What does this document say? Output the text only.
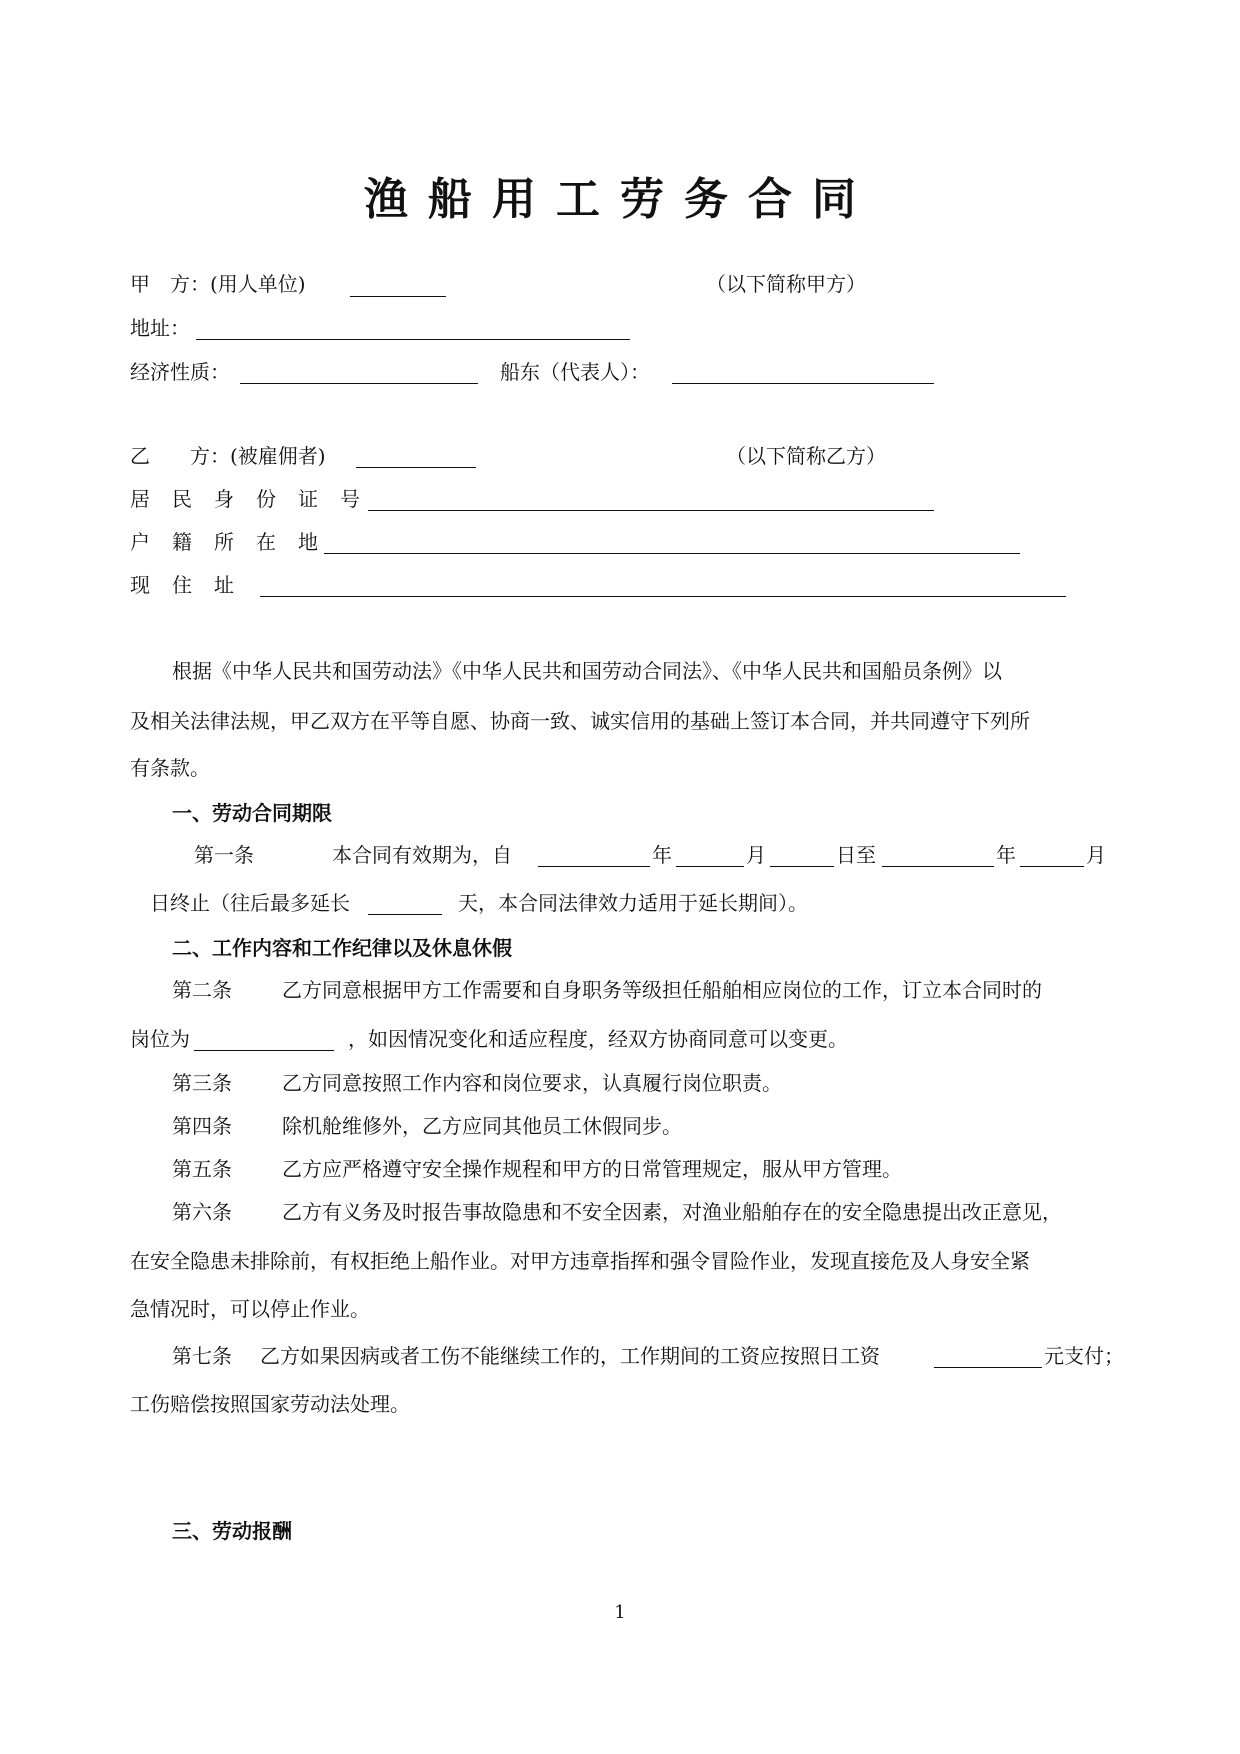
渔船用工劳务合同
甲　方：(用人单位)	（以下简称甲方）
地址：
经济性质：	船东（代表人）：
乙　　方：(被雇佣者)	（以下简称乙方）
居民身份证号
户籍所在地
现住址
根据《中华人民共和国劳动法》《中华人民共和国劳动合同法》、《中华人民共和国船员条例》以
及相关法律法规，甲乙双方在平等自愿、协商一致、诚实信用的基础上签订本合同，并共同遵守下列所
有条款。
一、劳动合同期限
第一条	本合同有效期为，自	年	月	日至	年	月
日终止（往后最多延长	天，本合同法律效力适用于延长期间）。
二、工作内容和工作纪律以及休息休假
第二条	乙方同意根据甲方工作需要和自身职务等级担任船舶相应岗位的工作，订立本合同时的
岗位为	，如因情况变化和适应程度，经双方协商同意可以变更。
第三条	乙方同意按照工作内容和岗位要求，认真履行岗位职责。
第四条	除机舱维修外，乙方应同其他员工休假同步。
第五条	乙方应严格遵守安全操作规程和甲方的日常管理规定，服从甲方管理。
第六条	乙方有义务及时报告事故隐患和不安全因素，对渔业船舶存在的安全隐患提出改正意见，
在安全隐患未排除前，有权拒绝上船作业。对甲方违章指挥和强令冒险作业，发现直接危及人身安全紧
急情况时，可以停止作业。
第七条 乙方如果因病或者工伤不能继续工作的，工作期间的工资应按照日工资	元支付；
工伤赔偿按照国家劳动法处理。
三、劳动报酬
1
